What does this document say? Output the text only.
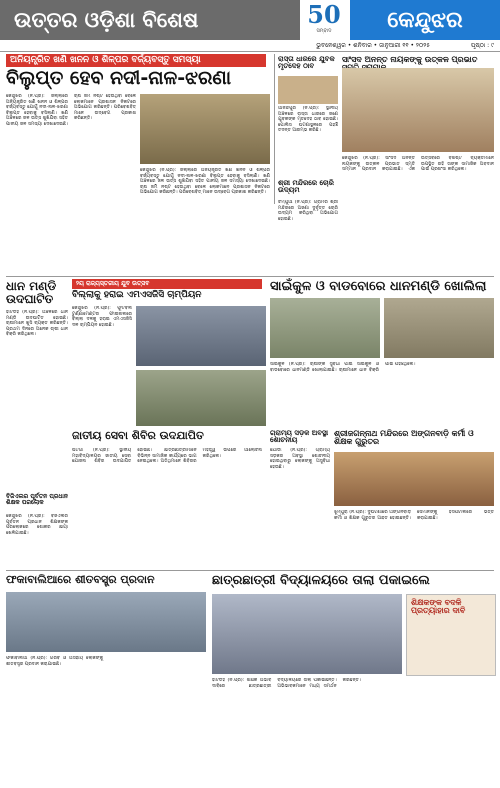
ଉତ୍ତର ଓଡ଼ିଶା ବିଶେଷ	50
ସମ୍ବାଦ	କେନ୍ଦୁଝର
ଭୁବନେଶ୍ୱର • ଶନିବାର • ଜାନୁଆରୀ ୧୧ • ୨୦୨୫	ପୃଷ୍ଠା : ୯
ଅନିୟନ୍ତ୍ରିତ ଖଣି ଖନନ ଓ ଶିଳ୍ପର ବର୍ଜ୍ୟବସ୍ତୁ ସମସ୍ୟା
ବିଲୁପ୍ତ ହେବ ନଦୀ-ନାଳ-ଝରଣା
କେନ୍ଦୁଝର (ନି.ପ୍ର): ଜିଲ୍ଲାରେ ଅନିୟନ୍ତ୍ରିତ ଖଣି ଖନନ ଓ ଶିଳ୍ପର ବର୍ଜ୍ୟବସ୍ତୁ ଯୋଗୁଁ ନଦୀ-ନାଳ-ଝରଣା ବିଲୁପ୍ତ ହେବାକୁ ବସିଲାଣି। ଖଣି ଅଞ୍ଚଳରେ ଜଳ ଉତ୍ସ ଶୁଖିଯିବା ସହିତ ପାନୀୟ ଜଳ ସମସ୍ୟା ଦେଖାଦେଇଛି। ଚାଷ ଜମି ନଷ୍ଟ ହେଉଥିବା ବେଳେ ଲୋକମାନେ ପ୍ରଶାସନ ନିକଟରେ ଅଭିଯୋଗ କରିଛନ୍ତି। ପରିବେଶବିତ୍ ମାନେ ଉଦ୍ବେଗ ପ୍ରକାଶ କରିଛନ୍ତି।
କେନ୍ଦୁଝର (ନି.ପ୍ର): ଜିଲ୍ଲାରେ ଅନିୟନ୍ତ୍ରିତ ଖଣି ଖନନ ଓ ଶିଳ୍ପର ବର୍ଜ୍ୟବସ୍ତୁ ଯୋଗୁଁ ନଦୀ-ନାଳ-ଝରଣା ବିଲୁପ୍ତ ହେବାକୁ ବସିଲାଣି। ଖଣି ଅଞ୍ଚଳରେ ଜଳ ଉତ୍ସ ଶୁଖିଯିବା ସହିତ ପାନୀୟ ଜଳ ସମସ୍ୟା ଦେଖାଦେଇଛି। ଚାଷ ଜମି ନଷ୍ଟ ହେଉଥିବା ବେଳେ ଲୋକମାନେ ପ୍ରଶାସନ ନିକଟରେ ଅଭିଯୋଗ କରିଛନ୍ତି। ପରିବେଶବିତ୍ ମାନେ ଉଦ୍ବେଗ ପ୍ରକାଶ କରିଛନ୍ତି।
ରାସ୍ତା ଧାରରେ ଯୁବକ ମୃତଦେହ ଠାବ
ଆନନ୍ଦପୁର (ନି.ପ୍ର): ସ୍ଥାନୀୟ ଅଞ୍ଚଳରେ ରାସ୍ତା ଧାରରେ ଜଣେ ଯୁବକଙ୍କ ମୃତଦେହ ଠାବ ହୋଇଛି। ପୋଲିସ ଘଟଣାସ୍ଥଳରେ ପହଞ୍ଚି ତଦନ୍ତ ଆରମ୍ଭ କରିଛି।
ଶ୍ରୀ ମନ୍ଦିରରେ ଚୋରି ଉଦ୍ୟମ
ଚମ୍ପୁଆ (ନି.ପ୍ର): ଗ୍ରାମର ଶ୍ରୀ ମନ୍ଦିରରେ ଅଜଣା ଦୁର୍ବୃତ୍ତ ଚୋରି ଉଦ୍ୟମ କରିଥିବା ଅଭିଯୋଗ ହୋଇଛି।
ସାଂସଦ ଅନନ୍ତ ନାୟକଙ୍କୁ ଉତ୍କଳ ପ୍ରଭାତ
କେନ୍ଦୁଝର (ନି.ପ୍ର): ସାଂସଦ ଅନନ୍ତ ନାୟକଙ୍କୁ ଉତ୍କଳ ପ୍ରଭାତ ସ୍ମୃତି ସମ୍ମାନ ପ୍ରଦାନ କରାଯାଇଛି। ଏକ ଉତ୍ସବରେ ବିଶିଷ୍ଟ ବ୍ୟକ୍ତିମାନେ ଉପସ୍ଥିତ ରହି ତାଙ୍କ ସାମାଜିକ ଅବଦାନ ପାଇଁ ପ୍ରଶଂସା କରିଥିଲେ।
ଧାନ ମଣ୍ଡି ଉଦଘାଟିତ
ହାଟଡିହି (ନି.ପ୍ର): ଅଞ୍ଚଳରେ ଧାନ ମଣ୍ଡି ଉଦଘାଟିତ ହୋଇଛି। ଚାଷୀମାନେ ଖୁସି ବ୍ୟକ୍ତ କରିଛନ୍ତି। ପ୍ରଥମ ଦିନରେ ଅନେକ ଚାଷୀ ଧାନ ବିକ୍ରି କରିଥିଲେ।
୨ୟ ରାଜ୍ୟସ୍ତରୀୟ ଯୁବ ଉତ୍ସବ
ବିଲ୍ଲାକୁ ହରାଇ ଏମଏସଜିସି ଚାମ୍ପିୟନ
କେନ୍ଦୁଝର (ନି.ପ୍ର): ଫୁଟବଲ ଟୁର୍ଣ୍ଣାମେଣ୍ଟର ଫାଇନାଲରେ ବିଲ୍ଲା ଦଳକୁ ହରାଇ ଏମଏସଜିସି ଦଳ ଚାମ୍ପିୟନ ହୋଇଛି।
ସାଇଁକୁଳ ଓ ବାଡବୋରେ ଧାନମଣ୍ଡି ଖୋଲିଲା
ସାଇଁକୁଳ (ନି.ପ୍ର): ଚାଷୀଙ୍କ ସୁବିଧା ପାଇଁ ସାଇଁକୁଳ ଓ ବାଡବୋରେ ଧାନମଣ୍ଡି ଖୋଲାଯାଇଛି। ଚାଷୀମାନେ ଧାନ ବିକ୍ରି ପାଇଁ ପହଞ୍ଚିଥିଲେ।
ଜାତୀୟ ସେବା ଶିବିର ଉଦଯାପିତ
ଘଟଗାଁ (ନି.ପ୍ର): ସ୍ଥାନୀୟ ମହାବିଦ୍ୟାଳୟର ଜାତୀୟ ସେବା ଯୋଜନା ଶିବିର ଉଦଯାପିତ ହୋଇଛି। ଛାତ୍ରଛାତ୍ରୀମାନେ ବିଭିନ୍ନ ସାମାଜିକ କାର୍ଯ୍ୟରେ ଭାଗ ନେଇଥିଲେ। ଅତିଥିମାନେ ଶିବିରର ମହତ୍ତ୍ୱ ଉପରେ ଆଲୋଚନା କରିଥିଲେ।
ଗ୍ରାମ୍ୟ ସଡ଼କ ଅବସ୍ଥା ଶୋଚନୀୟ
ଯୋଡା (ନି.ପ୍ର): ଗ୍ରାମ୍ୟ ସଡ଼କର ଅବସ୍ଥା ଶୋଚନୀୟ ହୋଇଥିବାରୁ ଲୋକଙ୍କୁ ଅସୁବିଧା ହେଉଛି।
ଶ୍ରୀଜଗନ୍ନାଥ ମନ୍ଦିରରେ ଅଙ୍ଗନବାଡ଼ି କର୍ମୀ ଓ ଶିକ୍ଷକ ଗୁରୁତର
ଝୁମ୍ପୁରା (ନି.ପ୍ର): ଦୁର୍ଘଟଣାରେ ଅଙ୍ଗନବାଡ଼ି କର୍ମୀ ଓ ଶିକ୍ଷକ ଗୁରୁତର ଆହତ ହୋଇଛନ୍ତି। ସେମାନଙ୍କୁ ହସପିଟାଲରେ ଭର୍ତ୍ତି କରାଯାଇଛି।
ବିଜିଏଲର ପୂର୍ବତନ ପ୍ରଧାନ ଶିକ୍ଷକ ପରଲୋକ
କେନ୍ଦୁଝର (ନି.ପ୍ର): ବିଜିଏଲର ପୂର୍ବତନ ପ୍ରଧାନ ଶିକ୍ଷକଙ୍କ ପରଲୋକରେ ଶୋକର ଛାୟା ଖେଳିଯାଇଛି।
ଫକାବାଲିଆରେ ଶୀତବସ୍ତ୍ର ପ୍ରଦାନ
ଫକାବାଲିଆ (ନି.ପ୍ର): ଗରିବ ଓ ଅସହାୟ ଲୋକଙ୍କୁ ଶୀତବସ୍ତ୍ର ପ୍ରଦାନ କରାଯାଇଛି।
ଛାତ୍ରଛାତ୍ରୀ ବିଦ୍ୟାଳୟରେ ତାଲା ପକାଇଲେ
ହାଟଡିହି (ନି.ପ୍ର): ଶିକ୍ଷକ ଅଭାବ ଦାବିରେ ଛାତ୍ରଛାତ୍ରୀ ବିଦ୍ୟାଳୟରେ ତାଲା ପକାଇଛନ୍ତି। ଅଭିଭାବକମାନେ ମଧ୍ୟ ସମର୍ଥନ କରିଛନ୍ତି।
ଶିକ୍ଷକଙ୍କ ବଦଳି ପ୍ରତ୍ୟାହାର ଦାବି
